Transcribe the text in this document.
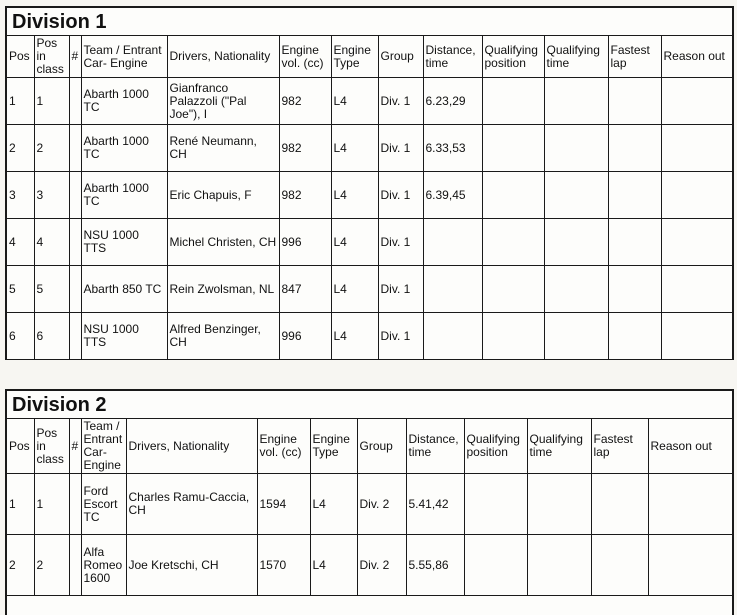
Division 1
Pos	Pos in class	#	Team / Entrant Car- Engine	Drivers, Nationality	Engine vol. (cc)	Engine Type	Group	Distance, time	Qualifying position	Qualifying time	Fastest lap	Reason out
1	1		Abarth 1000 TC	Gianfranco Palazzoli ("Pal Joe"), I	982	L4	Div. 1	6.23,29				
2	2		Abarth 1000 TC	René Neumann, CH	982	L4	Div. 1	6.33,53				
3	3		Abarth 1000 TC	Eric Chapuis, F	982	L4	Div. 1	6.39,45				
4	4		NSU 1000 TTS	Michel Christen, CH	996	L4	Div. 1					
5	5		Abarth 850 TC	Rein Zwolsman, NL	847	L4	Div. 1					
6	6		NSU 1000 TTS	Alfred Benzinger, CH	996	L4	Div. 1					
Division 2
Pos	Pos in class	#	Team / Entrant Car- Engine	Drivers, Nationality	Engine vol. (cc)	Engine Type	Group	Distance, time	Qualifying position	Qualifying time	Fastest lap	Reason out
1	1		Ford Escort TC	Charles Ramu-Caccia, CH	1594	L4	Div. 2	5.41,42				
2	2		Alfa Romeo 1600	Joe Kretschi, CH	1570	L4	Div. 2	5.55,86				
